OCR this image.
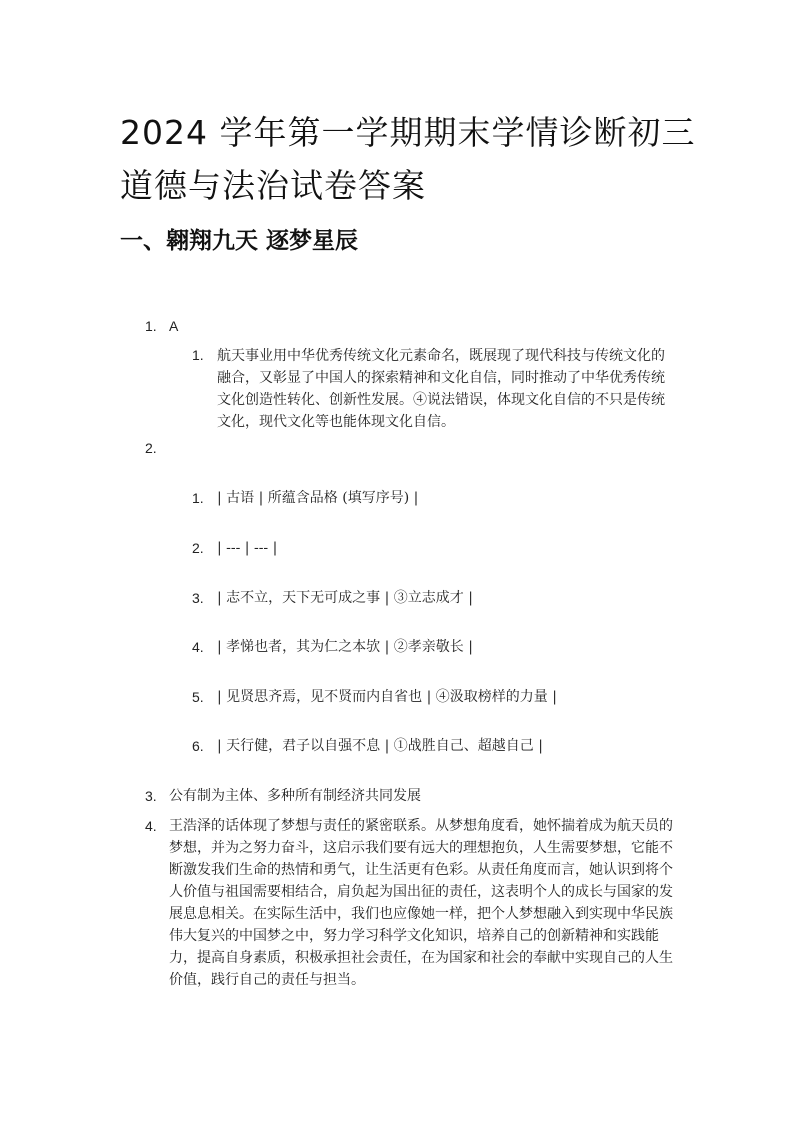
2024 学年第一学期期末学情诊断初三道德与法治试卷答案
一、翱翔九天 逐梦星辰
1. A
1. 航天事业用中华优秀传统文化元素命名，既展现了现代科技与传统文化的融合，又彰显了中国人的探索精神和文化自信，同时推动了中华优秀传统文化创造性转化、创新性发展。④说法错误，体现文化自信的不只是传统文化，现代文化等也能体现文化自信。
2.
1. | 古语 | 所蕴含品格 (填写序号) |
2. | --- | --- |
3. | 志不立，天下无可成之事 | ③立志成才 |
4. | 孝悌也者，其为仁之本欤 | ②孝亲敬长 |
5. | 见贤思齐焉，见不贤而内自省也 | ④汲取榜样的力量 |
6. | 天行健，君子以自强不息 | ①战胜自己、超越自己 |
3. 公有制为主体、多种所有制经济共同发展
4. 王浩泽的话体现了梦想与责任的紧密联系。从梦想角度看，她怀揣着成为航天员的梦想，并为之努力奋斗，这启示我们要有远大的理想抱负，人生需要梦想，它能不断激发我们生命的热情和勇气，让生活更有色彩。从责任角度而言，她认识到将个人价值与祖国需要相结合，肩负起为国出征的责任，这表明个人的成长与国家的发展息息相关。在实际生活中，我们也应像她一样，把个人梦想融入到实现中华民族伟大复兴的中国梦之中，努力学习科学文化知识，培养自己的创新精神和实践能力，提高自身素质，积极承担社会责任，在为国家和社会的奉献中实现自己的人生价值，践行自己的责任与担当。
